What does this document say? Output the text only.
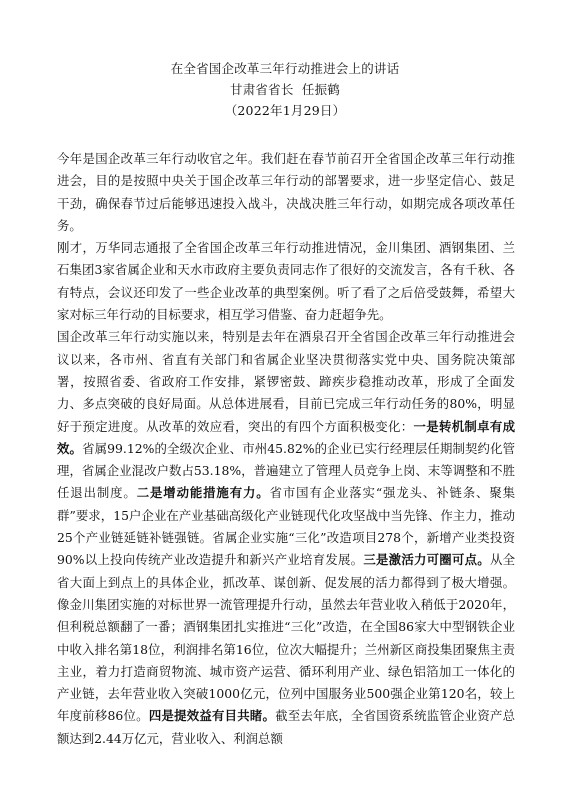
在全省国企改革三年行动推进会上的讲话
甘肃省省长  任振鹤
（2022年1月29日）

今年是国企改革三年行动收官之年。我们赶在春节前召开全省国企改革三年行动推进会，目的是按照中央关于国企改革三年行动的部署要求，进一步坚定信心、鼓足干劲，确保春节过后能够迅速投入战斗，决战决胜三年行动，如期完成各项改革任务。

刚才，万华同志通报了全省国企改革三年行动推进情况，金川集团、酒钢集团、兰石集团3家省属企业和天水市政府主要负责同志作了很好的交流发言，各有千秋、各有特点，会议还印发了一些企业改革的典型案例。听了看了之后倍受鼓舞，希望大家对标三年行动的目标要求，相互学习借鉴、奋力赶超争先。

国企改革三年行动实施以来，特别是去年在酒泉召开全省国企改革三年行动推进会议以来，各市州、省直有关部门和省属企业坚决贯彻落实党中央、国务院决策部署，按照省委、省政府工作安排，紧锣密鼓、蹄疾步稳推动改革，形成了全面发力、多点突破的良好局面。从总体进展看，目前已完成三年行动任务的80%，明显好于预定进度。从改革的效应看，突出的有四个方面积极变化：一是转机制卓有成效。省属99.12%的全级次企业、市州45.82%的企业已实行经理层任期制契约化管理，省属企业混改户数占53.18%，普遍建立了管理人员竞争上岗、末等调整和不胜任退出制度。二是增动能措施有力。省市国有企业落实“强龙头、补链条、聚集群”要求，15户企业在产业基础高级化产业链现代化攻坚战中当先锋、作主力，推动25个产业链延链补链强链。省属企业实施“三化”改造项目278个，新增产业类投资90%以上投向传统产业改造提升和新兴产业培育发展。三是激活力可圈可点。从全省大面上到点上的具体企业，抓改革、谋创新、促发展的活力都得到了极大增强。像金川集团实施的对标世界一流管理提升行动，虽然去年营业收入稍低于2020年，但利税总额翻了一番；酒钢集团扎实推进“三化”改造，在全国86家大中型钢铁企业中收入排名第18位，利润排名第16位，位次大幅提升；兰州新区商投集团聚焦主责主业，着力打造商贸物流、城市资产运营、循环利用产业、绿色铝箔加工一体化的产业链，去年营业收入突破1000亿元，位列中国服务业500强企业第120名，较上年度前移86位。四是提效益有目共睹。截至去年底，全省国资系统监管企业资产总额达到2.44万亿元，营业收入、利润总额
